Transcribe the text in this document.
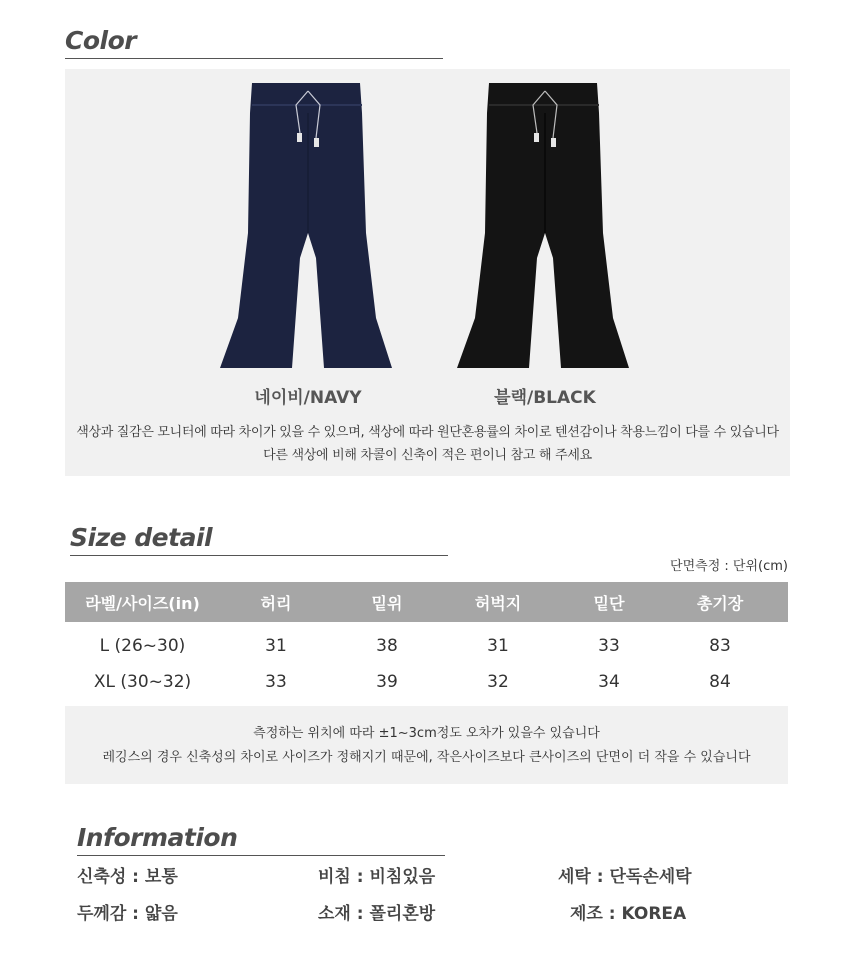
Color
네이비/NAVY	블랙/BLACK
색상과 질감은 모니터에 따라 차이가 있을 수 있으며, 색상에 따라 원단혼용률의 차이로 텐션감이나 착용느낌이 다를 수 있습니다
다른 색상에 비해 차콜이 신축이 적은 편이니 참고 해 주세요
Size detail
단면측정 : 단위(cm)
라벨/사이즈(in)	허리	밑위	허벅지	밑단	총기장
L (26~30)	31	38	31	33	83
XL (30~32)	33	39	32	34	84
측정하는 위치에 따라 ±1~3cm정도 오차가 있을수 있습니다
레깅스의 경우 신축성의 차이로 사이즈가 정해지기 때문에, 작은사이즈보다 큰사이즈의 단면이 더 작을 수 있습니다
Information
신축성 : 보통	비침 : 비침있음	세탁 : 단독손세탁
두께감 : 얇음	소재 : 폴리혼방	제조 : KOREA
